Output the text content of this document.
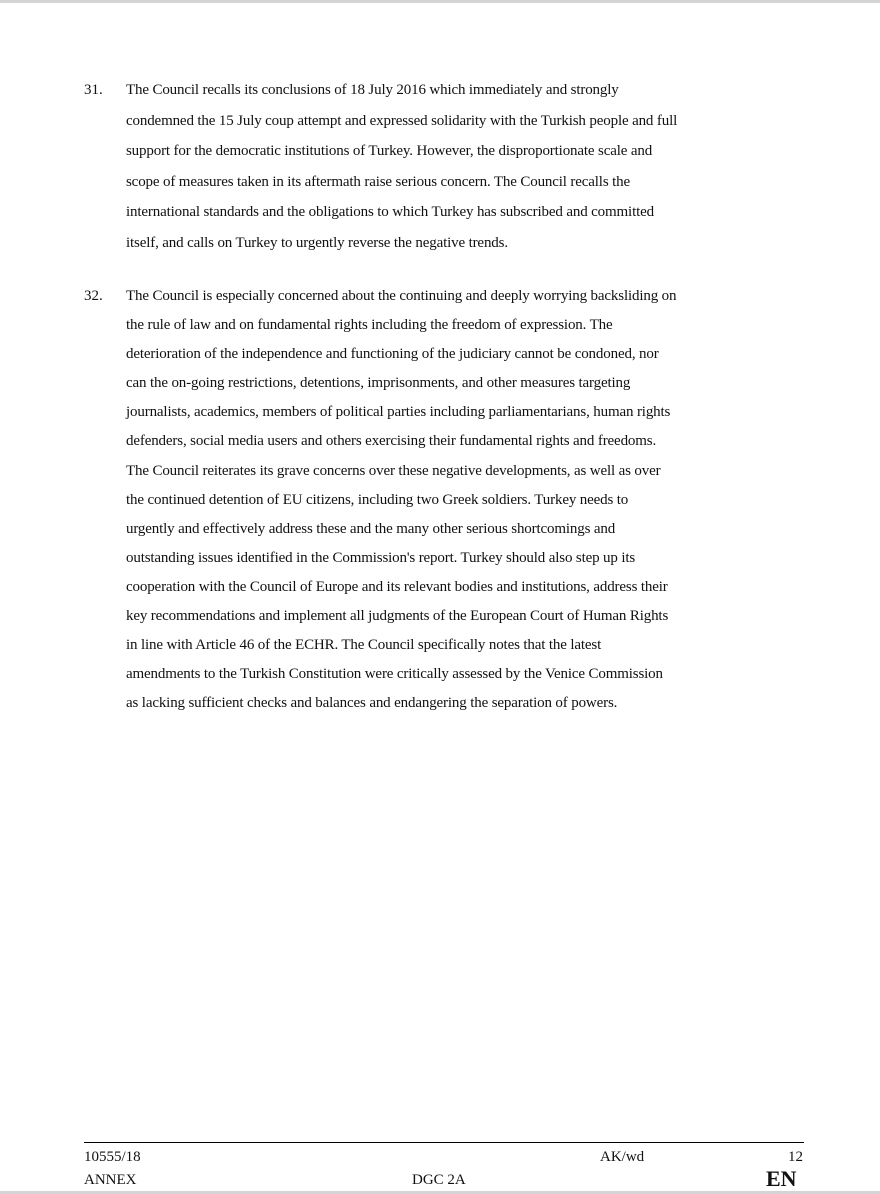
31. The Council recalls its conclusions of 18 July 2016 which immediately and strongly
condemned the 15 July coup attempt and expressed solidarity with the Turkish people and full
support for the democratic institutions of Turkey. However, the disproportionate scale and
scope of measures taken in its aftermath raise serious concern. The Council recalls the
international standards and the obligations to which Turkey has subscribed and committed
itself, and calls on Turkey to urgently reverse the negative trends.
32. The Council is especially concerned about the continuing and deeply worrying backsliding on
the rule of law and on fundamental rights including the freedom of expression. The
deterioration of the independence and functioning of the judiciary cannot be condoned, nor
can the on-going restrictions, detentions, imprisonments, and other measures targeting
journalists, academics, members of political parties including parliamentarians, human rights
defenders, social media users and others exercising their fundamental rights and freedoms.
The Council reiterates its grave concerns over these negative developments, as well as over
the continued detention of EU citizens, including two Greek soldiers. Turkey needs to
urgently and effectively address these and the many other serious shortcomings and
outstanding issues identified in the Commission's report. Turkey should also step up its
cooperation with the Council of Europe and its relevant bodies and institutions, address their
key recommendations and implement all judgments of the European Court of Human Rights
in line with Article 46 of the ECHR. The Council specifically notes that the latest
amendments to the Turkish Constitution were critically assessed by the Venice Commission
as lacking sufficient checks and balances and endangering the separation of powers.
10555/18
ANNEX
AK/wd
DGC 2A
12
EN
